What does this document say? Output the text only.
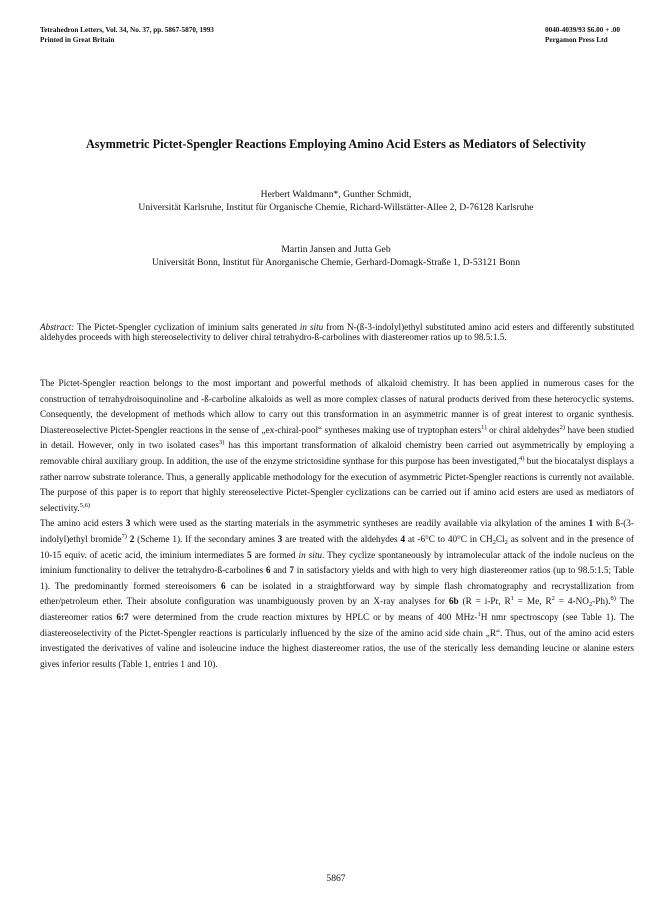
Tetrahedron Letters, Vol. 34, No. 37, pp. 5867-5870, 1993
Printed in Great Britain
0040-4039/93 $6.00 + .00
Pergamon Press Ltd
Asymmetric Pictet-Spengler Reactions Employing Amino Acid Esters as Mediators of Selectivity
Herbert Waldmann*, Gunther Schmidt,
Universität Karlsruhe, Institut für Organische Chemie, Richard-Willstätter-Allee 2, D-76128 Karlsruhe
Martin Jansen and Jutta Geb
Universität Bonn, Institut für Anorganische Chemie, Gerhard-Domagk-Straße 1, D-53121 Bonn
Abstract: The Pictet-Spengler cyclization of iminium salts generated in situ from N-(ß-3-indolyl)ethyl substituted amino acid esters and differently substituted aldehydes proceeds with high stereoselectivity to deliver chiral tetrahydro-ß-carbolines with diastereomer ratios up to 98.5:1.5.

The Pictet-Spengler reaction belongs to the most important and powerful methods of alkaloid chemistry. It has been applied in numerous cases for the construction of tetrahydroisoquinoline and -ß-carboline alkaloids as well as more complex classes of natural products derived from these heterocyclic systems. Consequently, the development of methods which allow to carry out this transformation in an asymmetric manner is of great interest to organic synthesis. Diastereoselective Pictet-Spengler reactions in the sense of „ex-chiral-pool“ syntheses making use of tryptophan esters$^{1)}$ or chiral aldehydes$^{2)}$ have been studied in detail. However, only in two isolated cases$^{3)}$ has this important transformation of alkaloid chemistry been carried out asymmetrically by employing a removable chiral auxiliary group. In addition, the use of the enzyme strictosidine synthase for this purpose has been investigated,$^{4)}$ but the biocatalyst displays a rather narrow substrate tolerance. Thus, a generally applicable methodology for the execution of asymmetric Pictet-Spengler reactions is currently not available. The purpose of this paper is to report that highly stereoselective Pictet-Spengler cyclizations can be carried out if amino acid esters are used as mediators of selectivity.$^{5,6)}$

The amino acid esters 3 which were used as the starting materials in the asymmetric syntheses are readily available via alkylation of the amines 1 with ß-(3-indolyl)ethyl bromide$^{7)}$ 2 (Scheme 1). If the secondary amines 3 are treated with the aldehydes 4 at -6°C to 40°C in $CH_2Cl_2$ as solvent and in the presence of 10-15 equiv. of acetic acid, the iminium intermediates 5 are formed in situ. They cyclize spontaneously by intramolecular attack of the indole nucleus on the iminium functionality to deliver the tetrahydro-ß-carbolines 6 and 7 in satisfactory yields and with high to very high diastereomer ratios (up to 98.5:1.5; Table 1). The predominantly formed stereoisomers 6 can be isolated in a straightforward way by simple flash chromatography and recrystallization from ether/petroleum ether. Their absolute configuration was unambiguously proven by an X-ray analyses for 6b (R = i-Pr, $R^1 = Me$, $R^2 = 4-NO_2-Ph).^{8)}$ The diastereomer ratios 6:7 were determined from the crude reaction mixtures by HPLC or by means of 400 MHz-$^1$H nmr spectroscopy (see Table 1). The diastereoselectivity of the Pictet-Spengler reactions is particularly influenced by the size of the amino acid side chain „R“. Thus, out of the amino acid esters investigated the derivatives of valine and isoleucine induce the highest diastereomer ratios, the use of the sterically less demanding leucine or alanine esters gives inferior results (Table 1, entries 1 and 10).

5867
